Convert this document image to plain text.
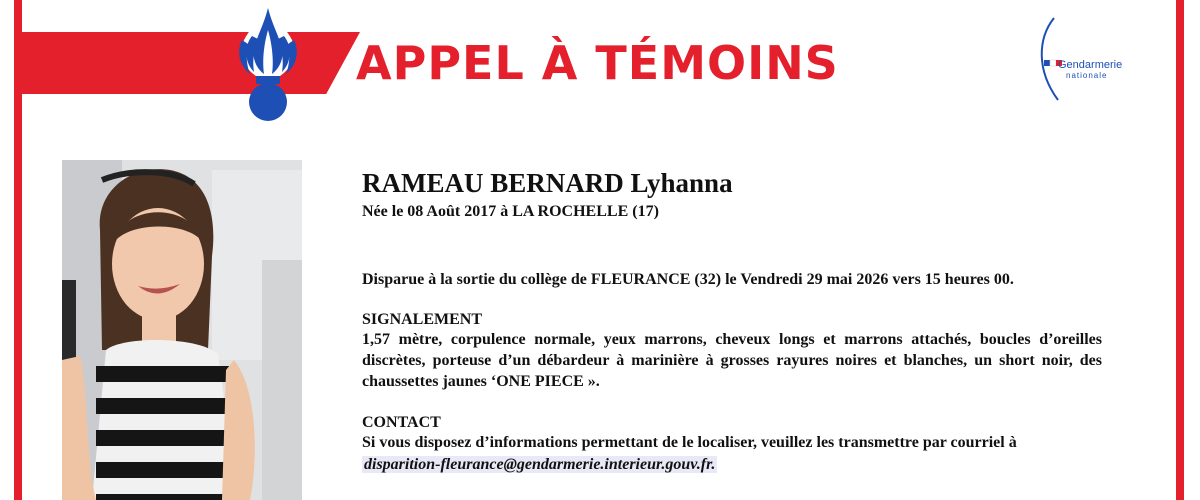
APPEL À TÉMOINS	Gendarmerie
nationale
RAMEAU BERNARD Lyhanna
Née le 08 Août 2017 à LA ROCHELLE (17)
Disparue à la sortie du collège de FLEURANCE (32) le Vendredi 29 mai 2026 vers 15 heures 00.
SIGNALEMENT
1,57 mètre, corpulence normale, yeux marrons, cheveux longs et marrons attachés, boucles d’oreilles discrètes, porteuse d’un débardeur à marinière à grosses rayures noires et blanches, un short noir, des chaussettes jaunes ‘ONE PIECE ».
CONTACT
Si vous disposez d’informations permettant de le localiser, veuillez les transmettre par courriel à
disparition-fleurance@gendarmerie.interieur.gouv.fr.
